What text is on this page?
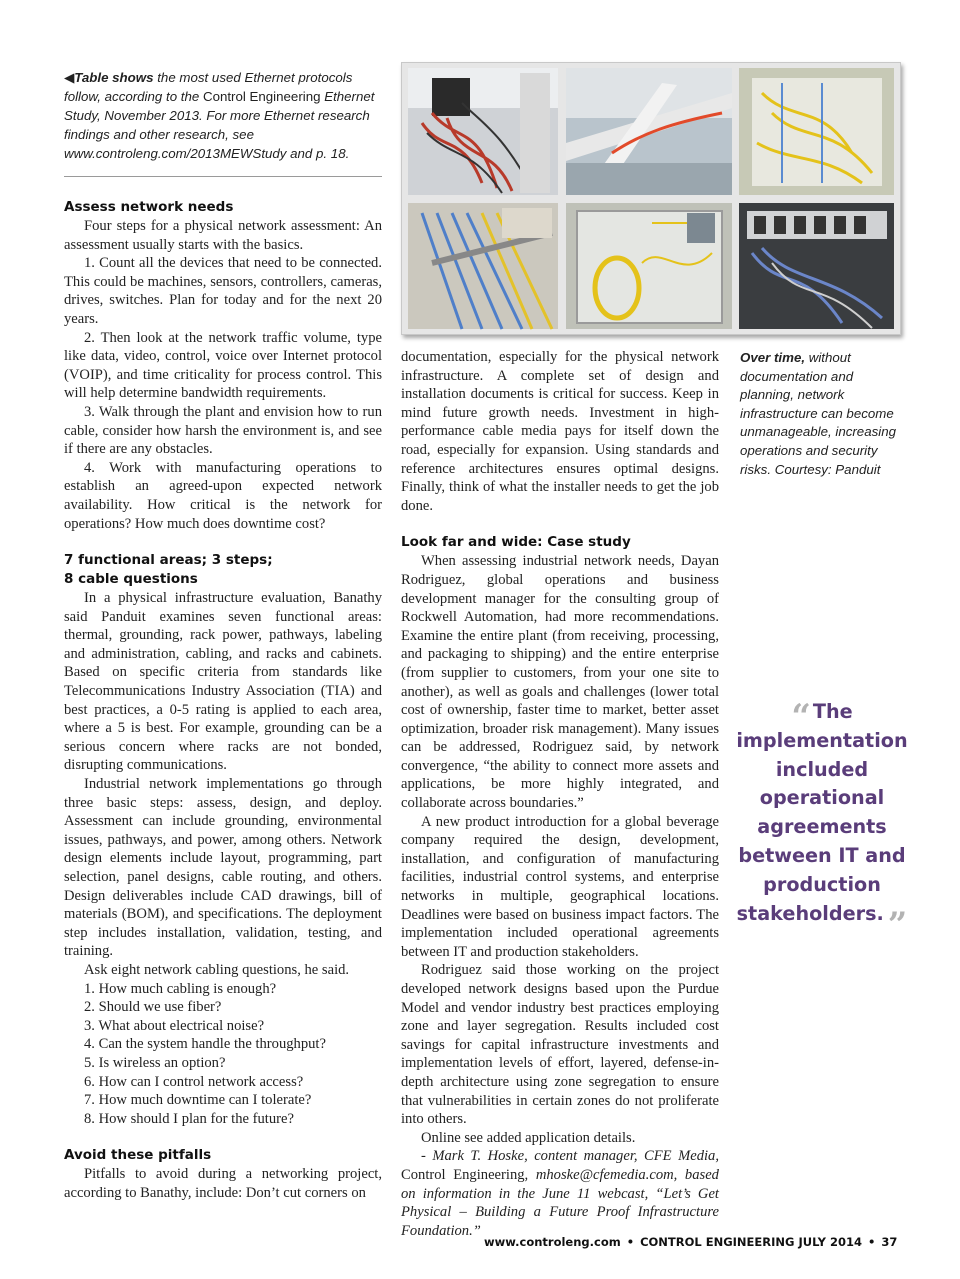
◀Table shows the most used Ethernet protocols follow, according to the Control Engineering Ethernet Study, November 2013. For more Ethernet research findings and other research, see www.controleng.com/2013MEWStudy and p. 18.
Over time, without documentation and planning, network infrastructure can become unmanageable, increasing operations and security risks. Courtesy: Panduit
Assess network needs

Four steps for a physical network assessment: An assessment usually starts with the basics.

1. Count all the devices that need to be connected. This could be machines, sensors, controllers, cameras, drives, switches. Plan for today and for the next 20 years.

2. Then look at the network traffic volume, type like data, video, control, voice over Internet protocol (VOIP), and time criticality for process control. This will help determine bandwidth requirements.

3. Walk through the plant and envision how to run cable, consider how harsh the environment is, and see if there are any obstacles.

4. Work with manufacturing operations to establish an agreed-upon expected network availability. How critical is the network for operations? How much does downtime cost?

7 functional areas; 3 steps;
8 cable questions

In a physical infrastructure evaluation, Banathy said Panduit examines seven functional areas: thermal, grounding, rack power, pathways, labeling and administration, cabling, and racks and cabinets. Based on specific criteria from standards like Telecommunications Industry Association (TIA) and best practices, a 0-5 rating is applied to each area, where a 5 is best. For example, grounding can be a serious concern where racks are not bonded, disrupting communications.

Industrial network implementations go through three basic steps: assess, design, and deploy. Assessment can include grounding, environmental issues, pathways, and power, among others. Network design elements include layout, programming, part selection, panel designs, cable routing, and others. Design deliverables include CAD drawings, bill of materials (BOM), and specifications. The deployment step includes installation, validation, testing, and training.

Ask eight network cabling questions, he said.

1. How much cabling is enough?

2. Should we use fiber?

3. What about electrical noise?

4. Can the system handle the throughput?

5. Is wireless an option?

6. How can I control network access?

7. How much downtime can I tolerate?

8. How should I plan for the future?

Avoid these pitfalls

Pitfalls to avoid during a networking project, according to Banathy, include: Don’t cut corners on

documentation, especially for the physical network infrastructure. A complete set of design and installation documents is critical for success. Keep in mind future growth needs. Investment in high-performance cable media pays for itself down the road, especially for expansion. Using standards and reference architectures ensures optimal designs. Finally, think of what the installer needs to get the job done.

Look far and wide: Case study

When assessing industrial network needs, Dayan Rodriguez, global operations and business development manager for the consulting group of Rockwell Automation, had more recommendations. Examine the entire plant (from receiving, processing, and packaging to shipping) and the entire enterprise (from supplier to customers, from your one site to another), as well as goals and challenges (lower total cost of ownership, faster time to market, better asset optimization, broader risk management). Many issues can be addressed, Rodriguez said, by network convergence, “the ability to connect more assets and applications, be more highly integrated, and collaborate across boundaries.”

A new product introduction for a global beverage company required the design, development, installation, and configuration of manufacturing facilities, industrial control systems, and enterprise networks in multiple, geographical locations. Deadlines were based on business impact factors. The implementation included operational agreements between IT and production stakeholders.

Rodriguez said those working on the project developed network designs based upon the Purdue Model and vendor industry best practices employing zone and layer segregation. Results included cost savings for capital infrastructure investments and implementation levels of effort, layered, defense-in-depth architecture using zone segregation to ensure that vulnerabilities in certain zones do not proliferate into others.

Online see added application details.

- Mark T. Hoske, content manager, CFE Media, Control Engineering, mhoske@cfemedia.com, based on information in the June 11 webcast, “Let’s Get Physical – Building a Future Proof Infrastructure Foundation.”

“ The implementation included operational agreements between IT and production stakeholders. ”
www.controleng.com • CONTROL ENGINEERING JULY 2014 • 37
